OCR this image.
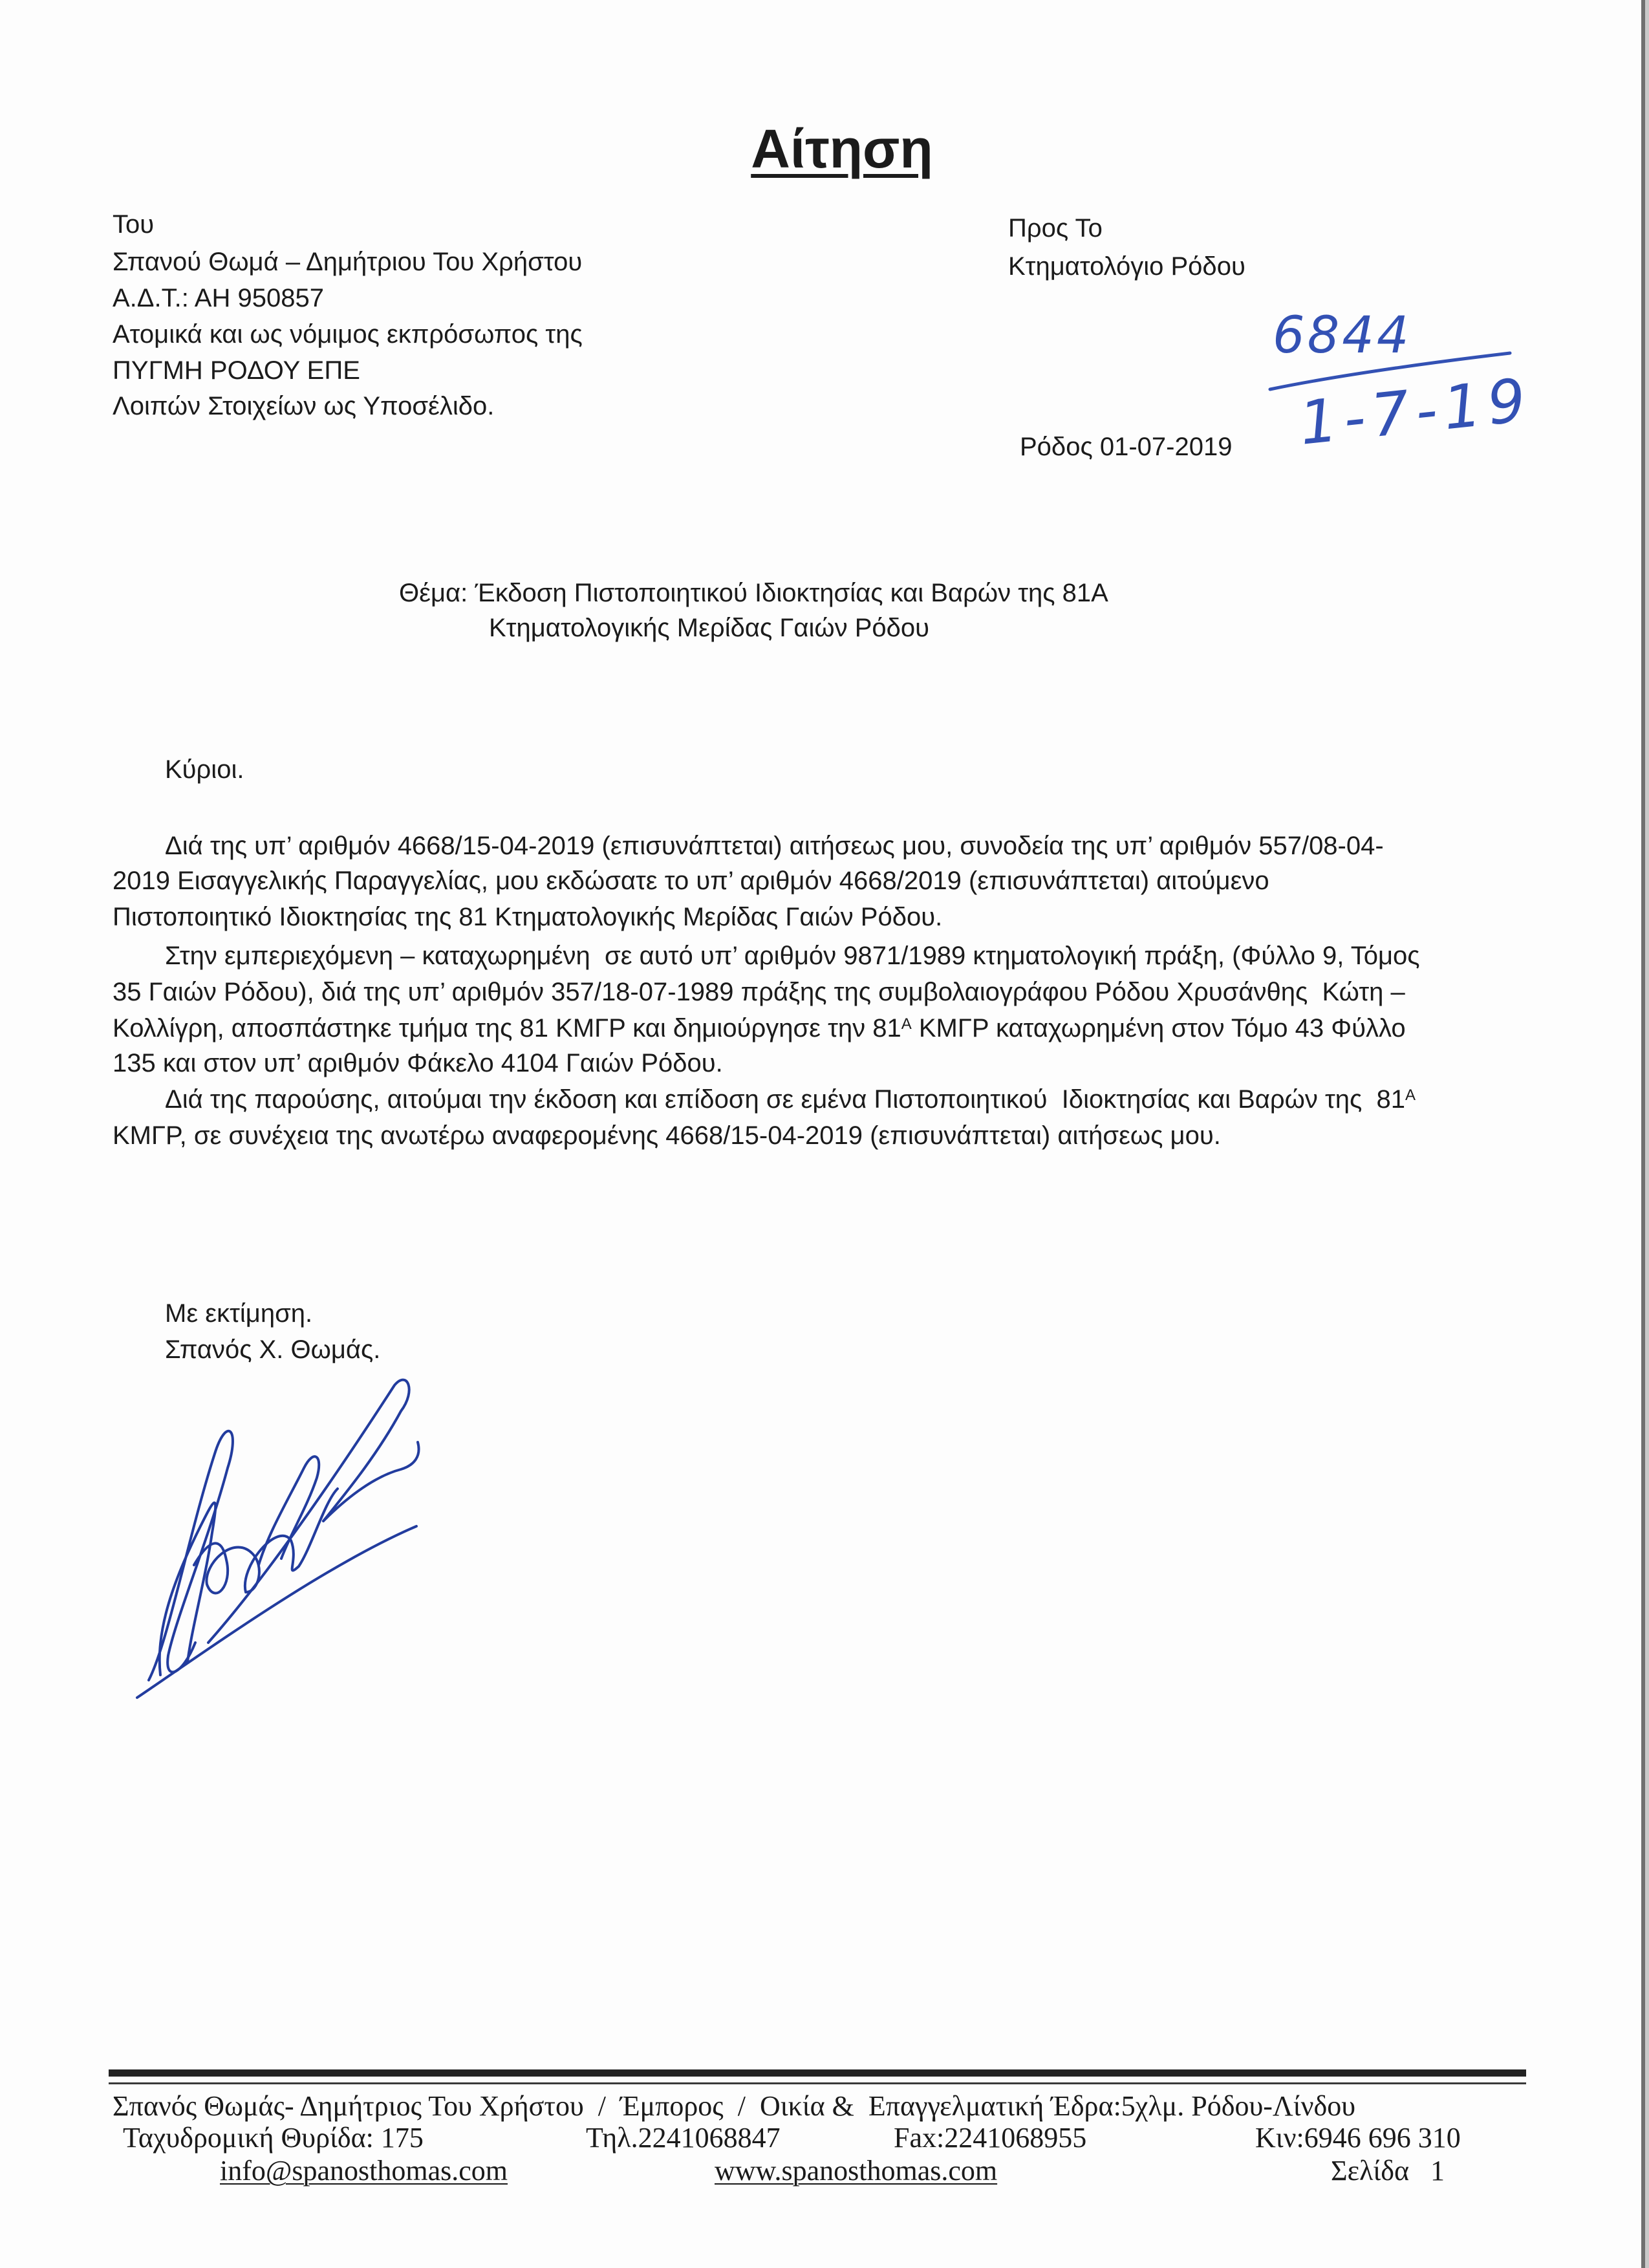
Αίτηση
Του
Σπανού Θωμά – Δημήτριου Του Χρήστου
Α.Δ.Τ.: ΑΗ 950857
Ατομικά και ως νόμιμος εκπρόσωπος της
ΠΥΓΜΗ ΡΟΔΟΥ ΕΠΕ
Λοιπών Στοιχείων ως Υποσέλιδο.
Προς Το
Κτηματολόγιο Ρόδου
6844
1-7-19
Ρόδος 01-07-2019
Θέμα: Έκδοση Πιστοποιητικού Ιδιοκτησίας και Βαρών της 81Α
Κτηματολογικής Μερίδας Γαιών Ρόδου
Κύριοι.
Διά της υπ’ αριθμόν 4668/15-04-2019 (επισυνάπτεται) αιτήσεως μου, συνοδεία της υπ’ αριθμόν 557/08-04-
2019 Εισαγγελικής Παραγγελίας, μου εκδώσατε το υπ’ αριθμόν 4668/2019 (επισυνάπτεται) αιτούμενο
Πιστοποιητικό Ιδιοκτησίας της 81 Κτηματολογικής Μερίδας Γαιών Ρόδου.
Στην εμπεριεχόμενη – καταχωρημένη  σε αυτό υπ’ αριθμόν 9871/1989 κτηματολογική πράξη, (Φύλλο 9, Τόμος
35 Γαιών Ρόδου), διά της υπ’ αριθμόν 357/18-07-1989 πράξης της συμβολαιογράφου Ρόδου Χρυσάνθης  Κώτη –
Κολλίγρη, αποσπάστηκε τμήμα της 81 ΚΜΓΡ και δημιούργησε την $81^A$ ΚΜΓΡ καταχωρημένη στον Τόμο 43 Φύλλο
135 και στον υπ’ αριθμόν Φάκελο 4104 Γαιών Ρόδου.
Διά της παρούσης, αιτούμαι την έκδοση και επίδοση σε εμένα Πιστοποιητικού  Ιδιοκτησίας και Βαρών της  $81^A$
ΚΜΓΡ, σε συνέχεια της ανωτέρω αναφερομένης 4668/15-04-2019 (επισυνάπτεται) αιτήσεως μου.
Με εκτίμηση.
Σπανός Χ. Θωμάς.
Σπανός Θωμάς- Δημήτριος Του Χρήστου  /  Έμπορος  /  Οικία &  Επαγγελματική Έδρα:5χλμ. Ρόδου-Λίνδου
Ταχυδρομική Θυρίδα: 175	Τηλ.2241068847	Fax:2241068955	Κιν:6946 696 310
info@spanosthomas.com	www.spanosthomas.com	Σελίδα   1
